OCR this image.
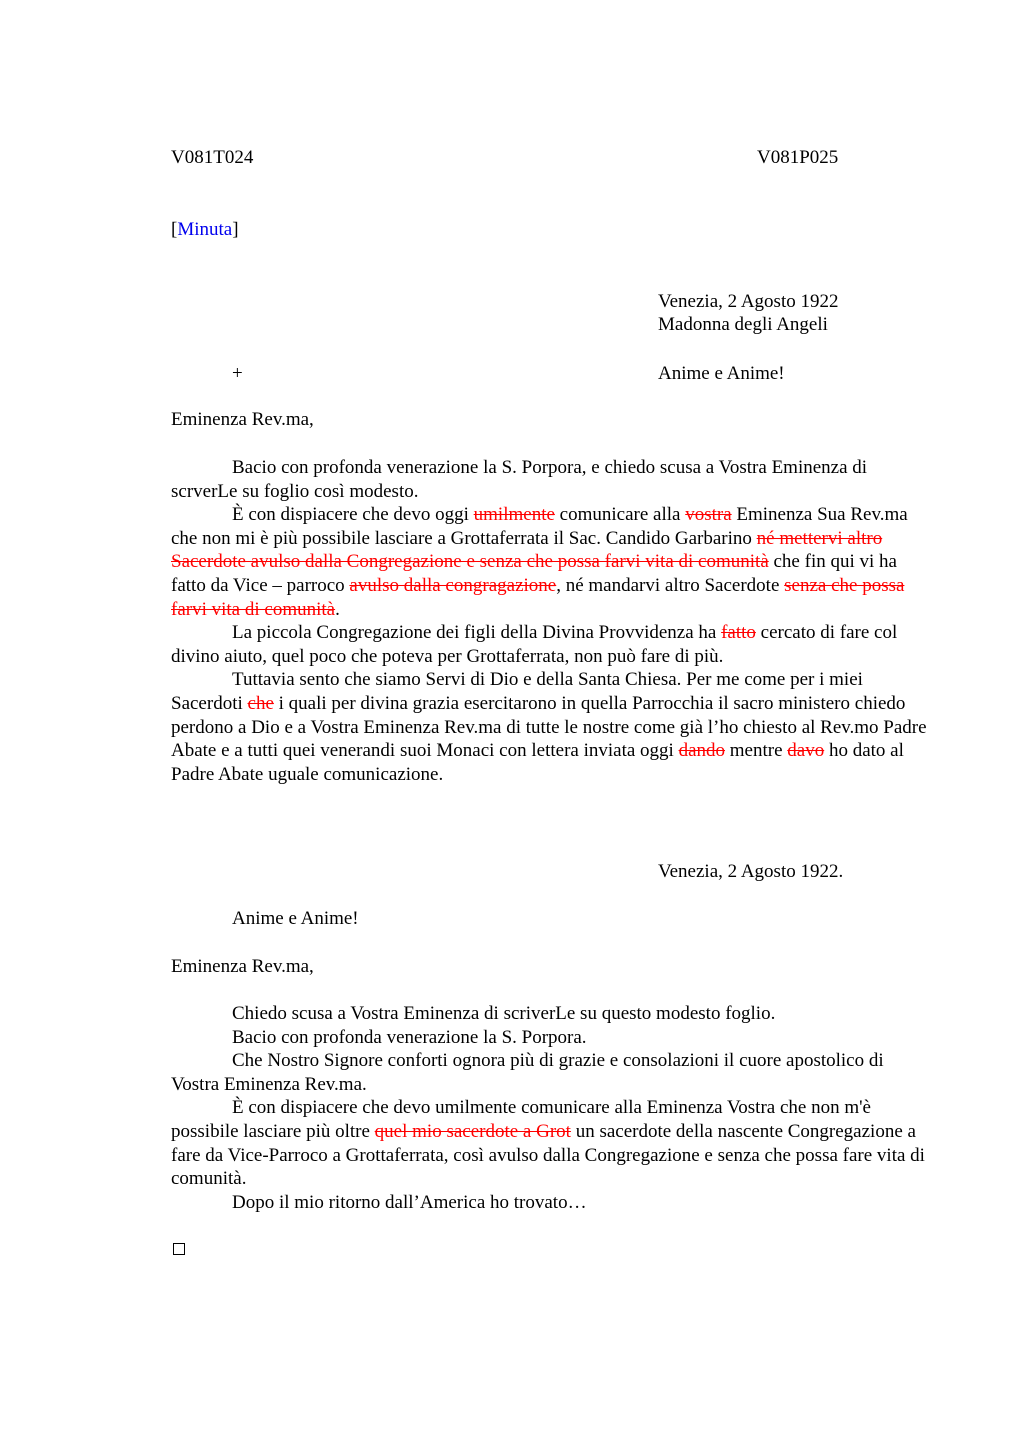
V081T024	V081P025
[Minuta]
Venezia, 2 Agosto 1922
Madonna degli Angeli
+	Anime e Anime!
Eminenza Rev.ma,

Bacio con profonda venerazione la S. Porpora, e chiedo scusa a Vostra Eminenza di scrverLe su foglio così modesto.

È con dispiacere che devo oggi umilmente comunicare alla vostra Eminenza Sua Rev.ma che non mi è più possibile lasciare a Grottaferrata il Sac. Candido Garbarino né mettervi altro Sacerdote avulso dalla Congregazione e senza che possa farvi vita di comunità che fin qui vi ha fatto da Vice – parroco avulso dalla congragazione, né mandarvi altro Sacerdote senza che possa farvi vita di comunità.

La piccola Congregazione dei figli della Divina Provvidenza ha fatto cercato di fare col divino aiuto, quel poco che poteva per Grottaferrata, non può fare di più.

Tuttavia sento che siamo Servi di Dio e della Santa Chiesa. Per me come per i miei Sacerdoti che i quali per divina grazia esercitarono in quella Parrocchia il sacro ministero chiedo perdono a Dio e a Vostra Eminenza Rev.ma di tutte le nostre come già l’ho chiesto al Rev.mo Padre Abate e a tutti quei venerandi suoi Monaci con lettera inviata oggi dando mentre davo ho dato al Padre Abate uguale comunicazione.

Venezia, 2 Agosto 1922.
Anime e Anime!
Eminenza Rev.ma,

Chiedo scusa a Vostra Eminenza di scriverLe su questo modesto foglio.

Bacio con profonda venerazione la S. Porpora.

Che Nostro Signore conforti ognora più di grazie e consolazioni il cuore apostolico di Vostra Eminenza Rev.ma.

È con dispiacere che devo umilmente comunicare alla Eminenza Vostra che non m'è possibile lasciare più oltre quel mio sacerdote a Grot un sacerdote della nascente Congregazione a fare da Vice-Parroco a Grottaferrata, così avulso dalla Congregazione e senza che possa fare vita di comunità.

Dopo il mio ritorno dall’America ho trovato…
